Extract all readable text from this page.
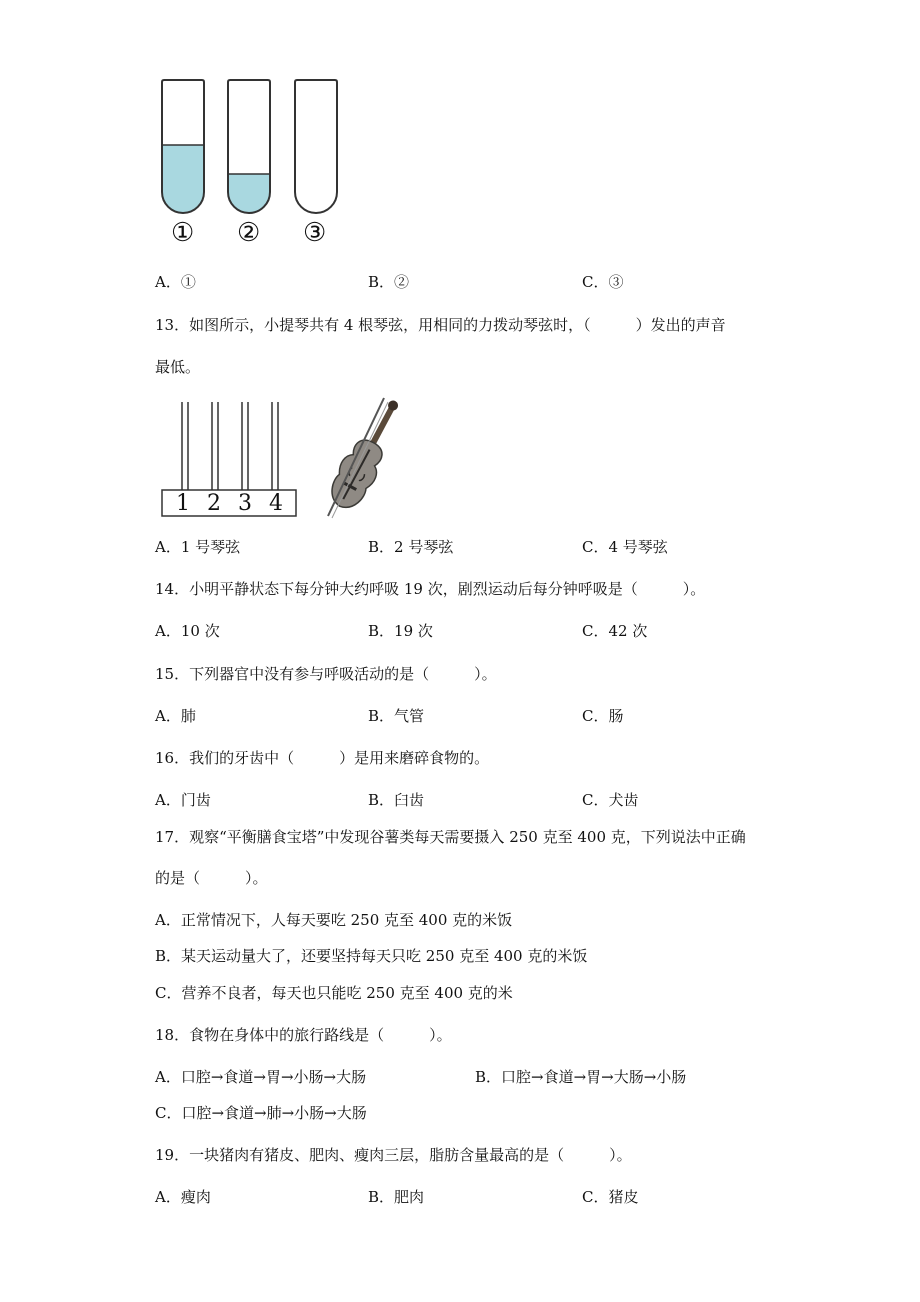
① ② ③
A．①	B．②	C．③
13．如图所示，小提琴共有 4 根琴弦，用相同的力拨动琴弦时，（　　　）发出的声音
最低。
1 2 3 4
A．1 号琴弦	B．2 号琴弦	C．4 号琴弦
14．小明平静状态下每分钟大约呼吸 19 次，剧烈运动后每分钟呼吸是（　　　）。
A．10 次	B．19 次	C．42 次
15．下列器官中没有参与呼吸活动的是（　　　）。
A．肺	B．气管	C．肠
16．我们的牙齿中（　　　）是用来磨碎食物的。
A．门齿	B．臼齿	C．犬齿
17．观察“平衡膳食宝塔”中发现谷薯类每天需要摄入 250 克至 400 克，下列说法中正确
的是（　　　）。
A．正常情况下，人每天要吃 250 克至 400 克的米饭
B．某天运动量大了，还要坚持每天只吃 250 克至 400 克的米饭
C．营养不良者，每天也只能吃 250 克至 400 克的米
18．食物在身体中的旅行路线是（　　　）。
A．口腔→食道→胃→小肠→大肠	B．口腔→食道→胃→大肠→小肠
C．口腔→食道→肺→小肠→大肠
19．一块猪肉有猪皮、肥肉、瘦肉三层，脂肪含量最高的是（　　　）。
A．瘦肉	B．肥肉	C．猪皮
